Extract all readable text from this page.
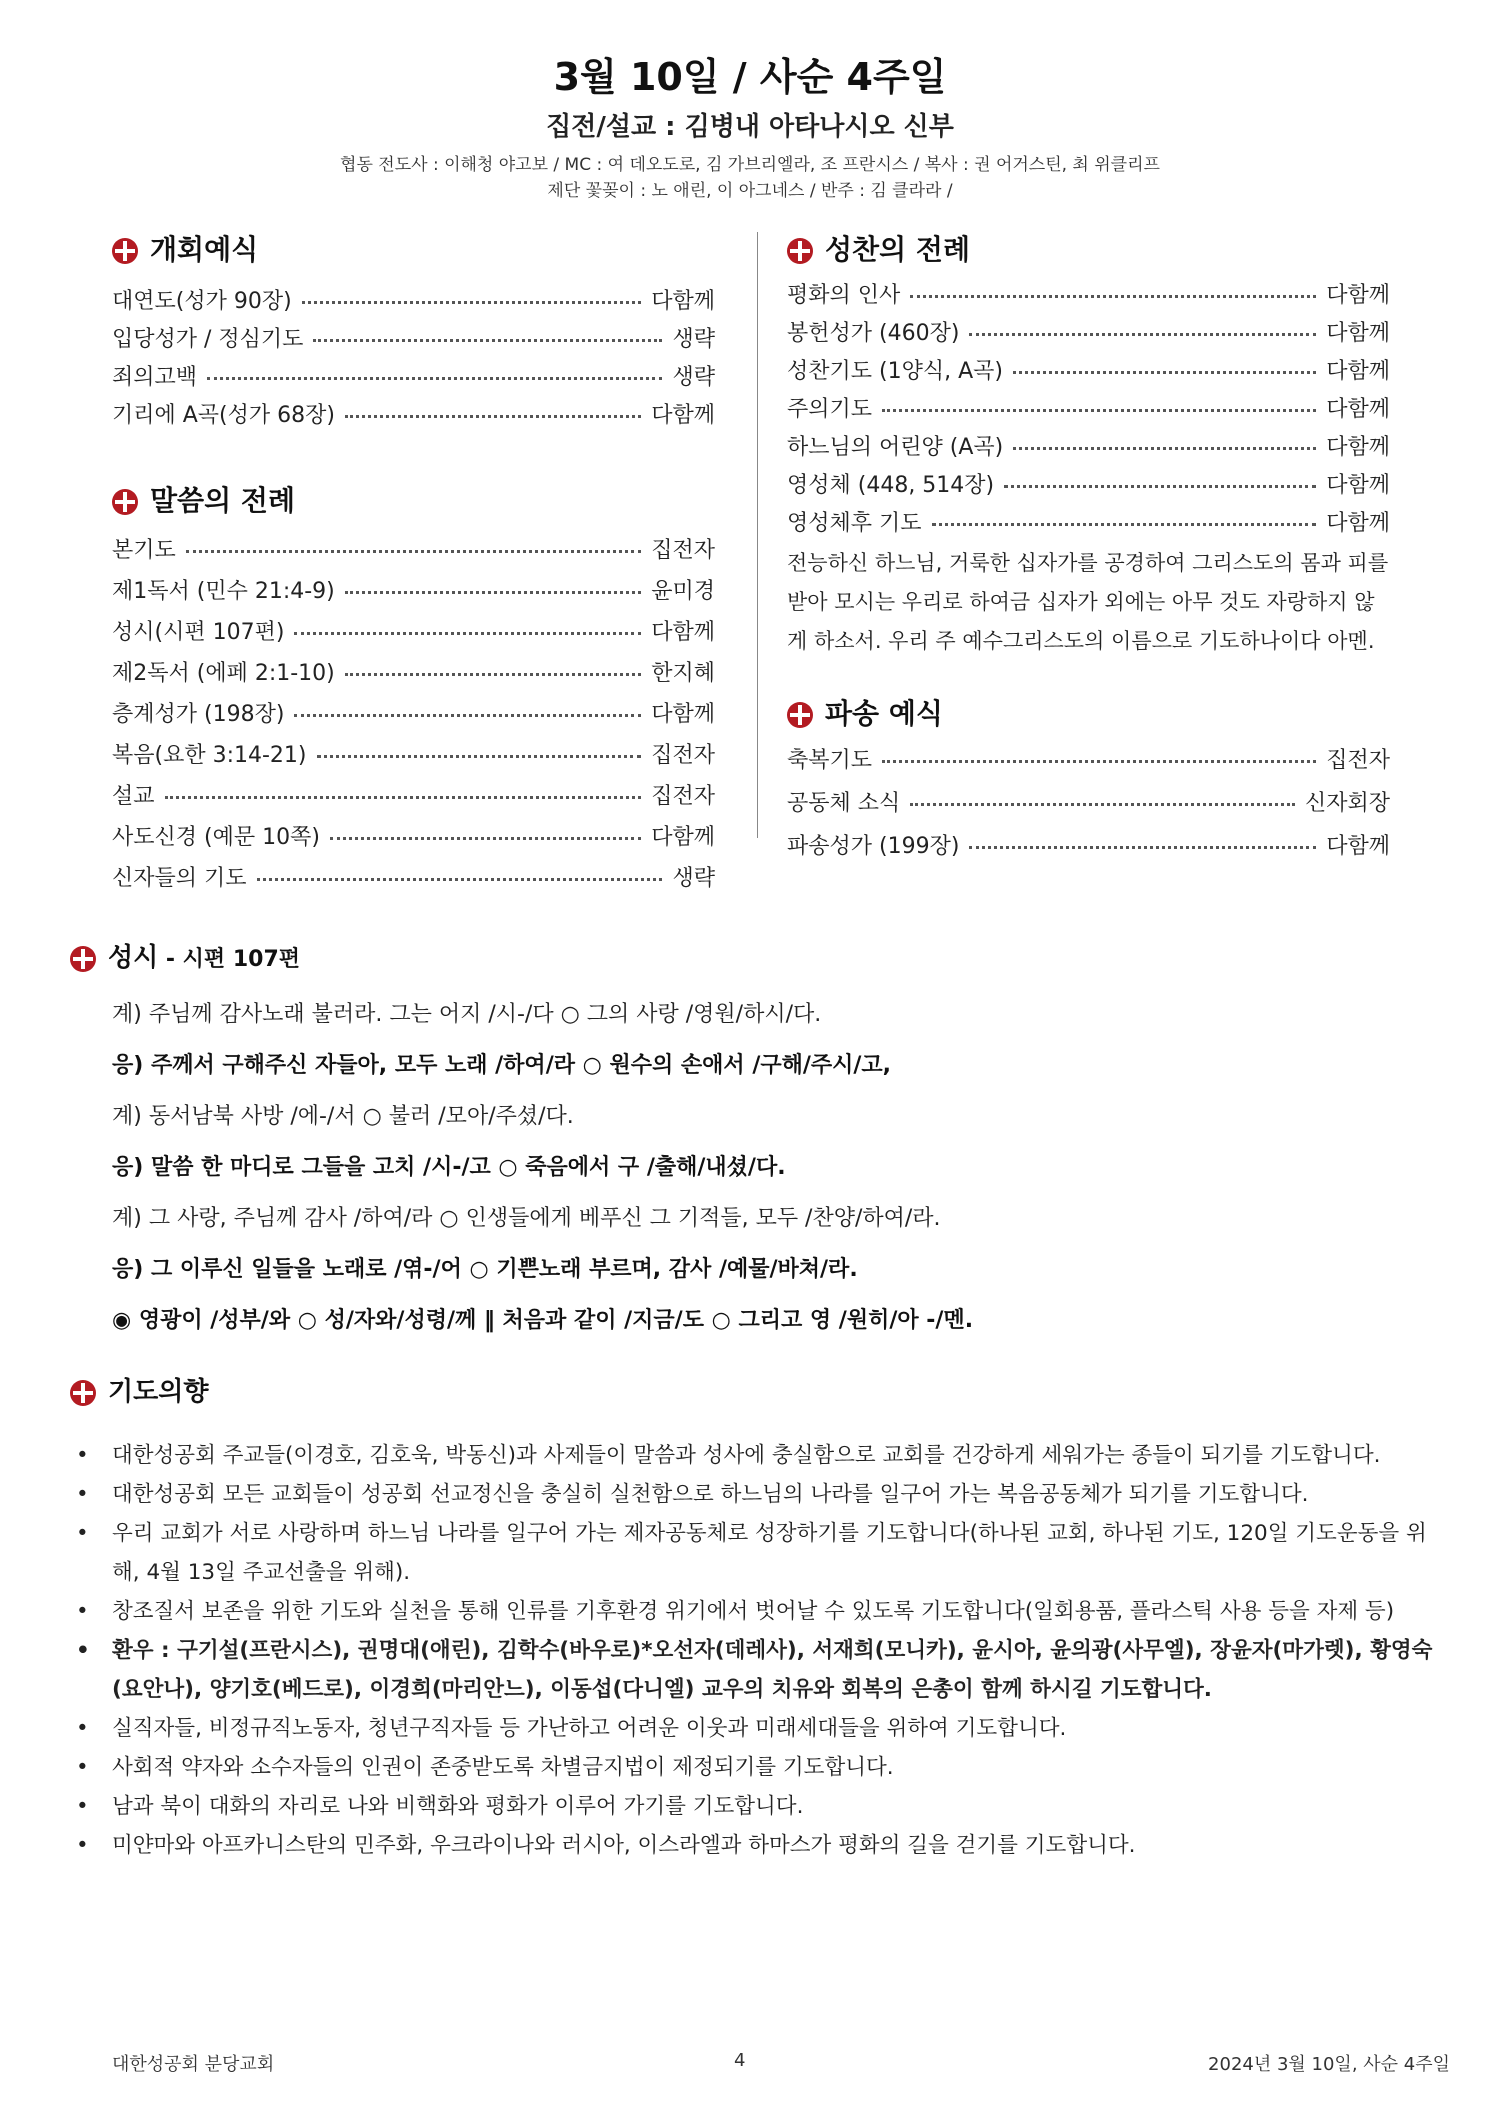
3월 10일 / 사순 4주일
집전/설교 : 김병내 아타나시오 신부
협동 전도사 : 이해청 야고보 / MC : 여 데오도로, 김 가브리엘라, 조 프란시스 / 복사 : 권 어거스틴, 최 위클리프
제단 꽃꽂이 : 노 애린, 이 아그네스 / 반주 : 김 클라라 /
개회예식
대연도(성가 90장)	다함께
입당성가 / 정심기도	생략
죄의고백	생략
기리에 A곡(성가 68장)	다함께
말씀의 전례
본기도	집전자
제1독서 (민수 21:4-9)	윤미경
성시(시편 107편)	다함께
제2독서 (에페 2:1-10)	한지혜
층계성가 (198장)	다함께
복음(요한 3:14-21)	집전자
설교	집전자
사도신경 (예문 10쪽)	다함께
신자들의 기도	생략
성찬의 전례
평화의 인사	다함께
봉헌성가 (460장)	다함께
성찬기도 (1양식, A곡)	다함께
주의기도	다함께
하느님의 어린양 (A곡)	다함께
영성체 (448, 514장)	다함께
영성체후 기도	다함께
전능하신 하느님, 거룩한 십자가를 공경하여 그리스도의 몸과 피를 받아 모시는 우리로 하여금 십자가 외에는 아무 것도 자랑하지 않게 하소서. 우리 주 예수그리스도의 이름으로 기도하나이다 아멘.
파송 예식
축복기도	집전자
공동체 소식	신자회장
파송성가 (199장)	다함께
성시 - 시편 107편
계) 주님께 감사노래 불러라. 그는 어지 /시-/다 ○ 그의 사랑 /영원/하시/다.
응) 주께서 구해주신 자들아, 모두 노래 /하여/라 ○ 원수의 손애서 /구해/주시/고,
계) 동서남북 사방 /에-/서 ○ 불러 /모아/주셨/다.
응) 말씀 한 마디로 그들을 고치 /시-/고 ○ 죽음에서 구 /출해/내셨/다.
계) 그 사랑, 주님께 감사 /하여/라 ○ 인생들에게 베푸신 그 기적들, 모두 /찬양/하여/라.
응) 그 이루신 일들을 노래로 /엮-/어 ○ 기쁜노래 부르며, 감사 /예물/바쳐/라.
◉ 영광이 /성부/와 ○ 성/자와/성령/께 ‖ 처음과 같이 /지금/도 ○ 그리고 영 /원히/아 -/멘.
기도의향
• 대한성공회 주교들(이경호, 김호욱, 박동신)과 사제들이 말씀과 성사에 충실함으로 교회를 건강하게 세워가는 종들이 되기를 기도합니다.
• 대한성공회 모든 교회들이 성공회 선교정신을 충실히 실천함으로 하느님의 나라를 일구어 가는 복음공동체가 되기를 기도합니다.
• 우리 교회가 서로 사랑하며 하느님 나라를 일구어 가는 제자공동체로 성장하기를 기도합니다(하나된 교회, 하나된 기도, 120일 기도운동을 위해, 4월 13일 주교선출을 위해).
• 창조질서 보존을 위한 기도와 실천을 통해 인류를 기후환경 위기에서 벗어날 수 있도록 기도합니다(일회용품, 플라스틱 사용 등을 자제 등)
• 환우 : 구기설(프란시스), 권명대(애린), 김학수(바우로)*오선자(데레사), 서재희(모니카), 윤시아, 윤의광(사무엘), 장윤자(마가렛), 황영숙(요안나), 양기호(베드로), 이경희(마리안느), 이동섭(다니엘) 교우의 치유와 회복의 은총이 함께 하시길 기도합니다.
• 실직자들, 비정규직노동자, 청년구직자들 등 가난하고 어려운 이웃과 미래세대들을 위하여 기도합니다.
• 사회적 약자와 소수자들의 인권이 존중받도록 차별금지법이 제정되기를 기도합니다.
• 남과 북이 대화의 자리로 나와 비핵화와 평화가 이루어 가기를 기도합니다.
• 미얀마와 아프카니스탄의 민주화, 우크라이나와 러시아, 이스라엘과 하마스가 평화의 길을 걷기를 기도합니다.
대한성공회 분당교회	4	2024년 3월 10일, 사순 4주일
